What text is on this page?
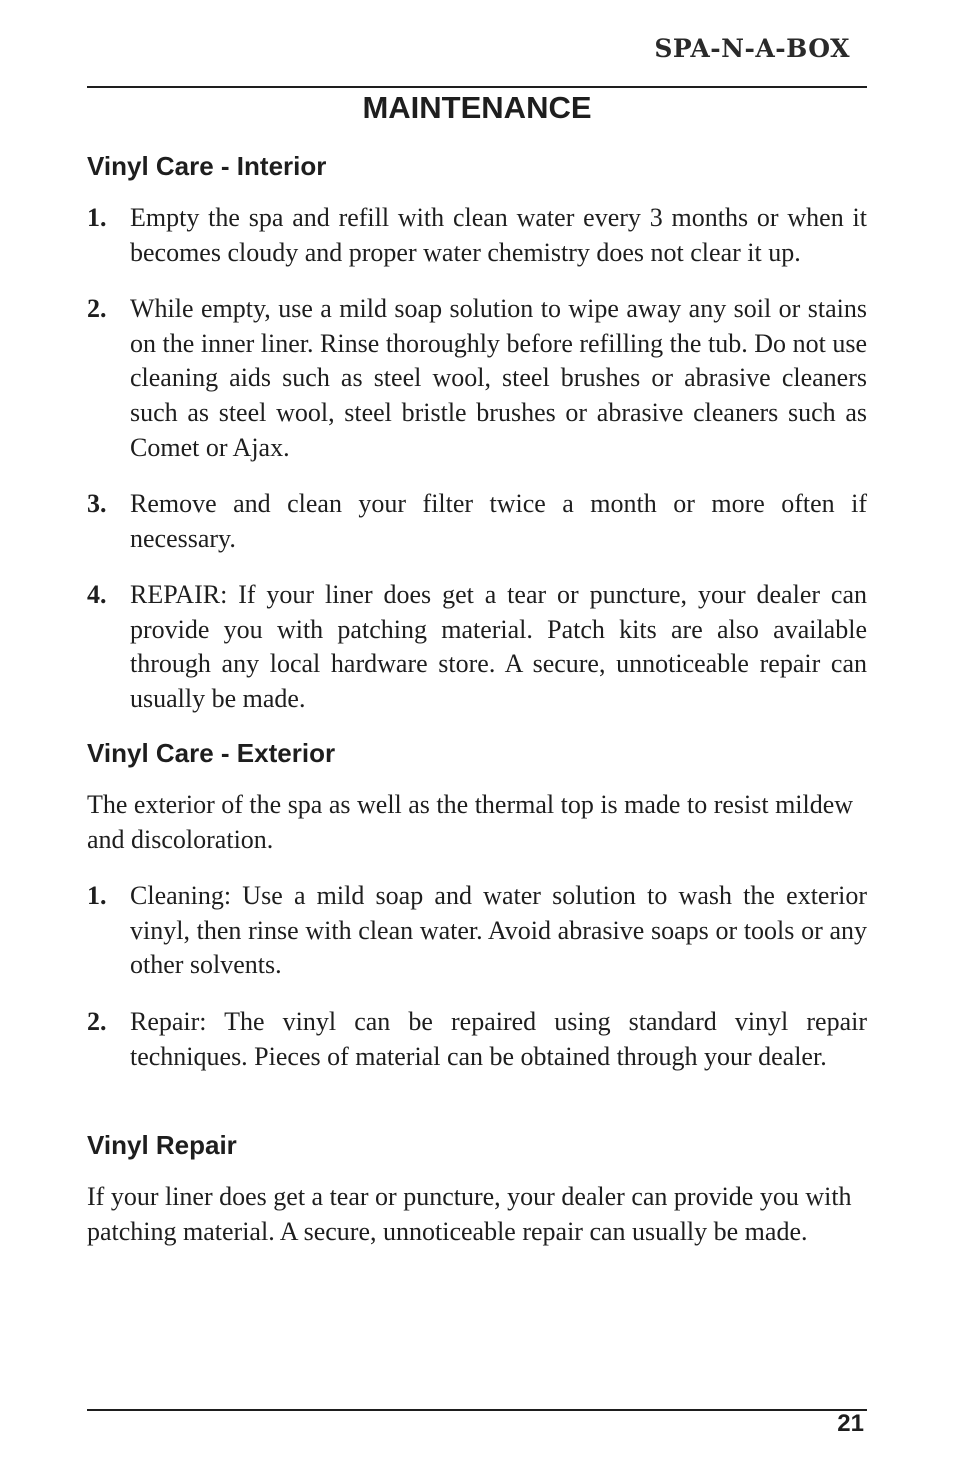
SPA-N-A-BOX
MAINTENANCE
Vinyl Care - Interior
1. Empty the spa and refill with clean water every 3 months or when it becomes cloudy and proper water chemistry does not clear it up.
2. While empty, use a mild soap solution to wipe away any soil or stains on the inner liner. Rinse thoroughly before refilling the tub. Do not use cleaning aids such as steel wool, steel brushes or abrasive cleaners such as steel wool, steel bristle brushes or abrasive cleaners such as Comet or Ajax.
3. Remove and clean your filter twice a month or more often if necessary.
4. REPAIR: If your liner does get a tear or puncture, your dealer can provide you with patching material. Patch kits are also available through any local hardware store. A secure, unnoticeable repair can usually be made.
Vinyl Care - Exterior
The exterior of the spa as well as the thermal top is made to resist mildew and discoloration.
1. Cleaning: Use a mild soap and water solution to wash the exterior vinyl, then rinse with clean water. Avoid abrasive soaps or tools or any other solvents.
2. Repair: The vinyl can be repaired using standard vinyl repair techniques. Pieces of material can be obtained through your dealer.
Vinyl Repair
If your liner does get a tear or puncture, your dealer can provide you with patching material. A secure, unnoticeable repair can usually be made.
21
